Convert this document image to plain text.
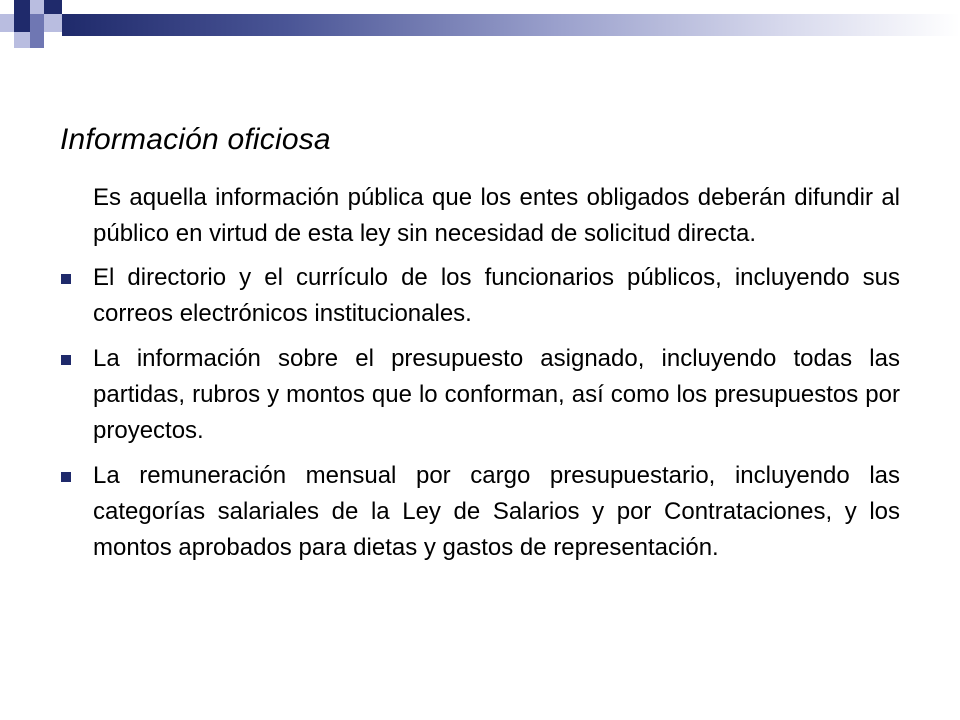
Información oficiosa

Es aquella información pública que los entes obligados deberán difundir al público en virtud de esta ley sin necesidad de solicitud directa.

El directorio y el currículo de los funcionarios públicos, incluyendo sus correos electrónicos institucionales.
La información sobre el presupuesto asignado, incluyendo todas las partidas, rubros y montos que lo conforman, así como los presupuestos por proyectos.
La remuneración mensual por cargo presupuestario, incluyendo las categorías salariales de la Ley de Salarios y por Contrataciones, y los montos aprobados para dietas y gastos de representación.
